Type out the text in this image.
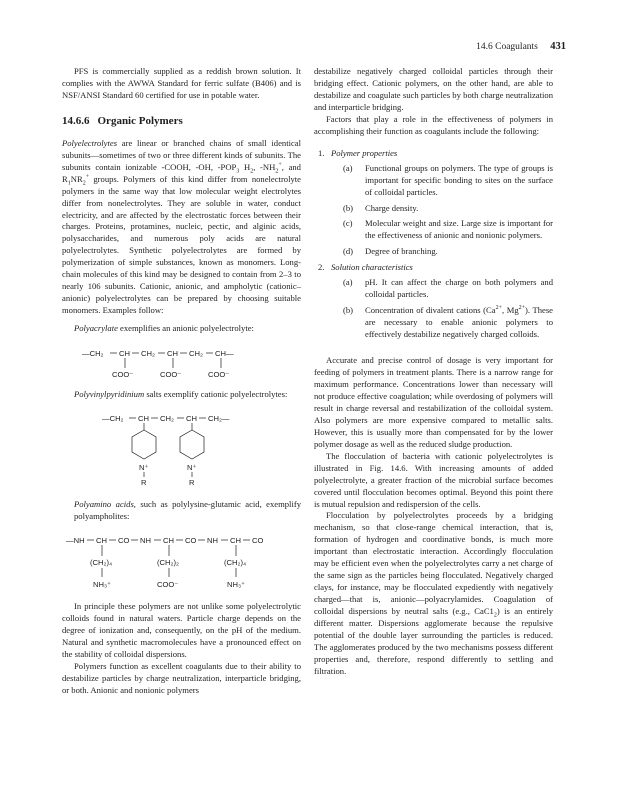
14.6 Coagulants 431

PFS is commercially supplied as a reddish brown solution. It complies with the AWWA Standard for ferric sulfate (B406) and is NSF/ANSI Standard 60 certified for use in potable water.

14.6.6 Organic Polymers

Polyelectrolytes are linear or branched chains of small identical subunits—sometimes of two or three different kinds of subunits. The subunits contain ionizable -COOH, -OH, $-POP_3$ $H_2$, $-NH_2^+$, and $R_1NR_2^+$ groups. Polymers of this kind differ from nonelectrolyte polymers in the same way that low molecular weight electrolytes differ from nonelectrolytes. They are soluble in water, conduct electricity, and are affected by the electrostatic forces between their charges. Proteins, protamines, nucleic, pectic, and alginic acids, polysaccharides, and numerous poly acids are natural polyelectrolytes. Synthetic polyelectrolytes are formed by polymerization of simple substances, known as monomers. Long-chain molecules of this kind may be designed to contain from 2–3 to nearly 106 subunits. Cationic, anionic, and ampholytic (cationic–anionic) polyelectrolytes can be prepared by choosing suitable monomers. Examples follow:

Polyacrylate exemplifies an anionic polyelectrolyte:

—CH₂ CH CH₂ CH CH₂ CH—
COO⁻	COO⁻	COO⁻

Polyvinylpyridinium salts exemplify cationic polyelectrolytes:

—CH₂ CH CH₂ CH CH₂—
N⁺	N⁺
R	R

Polyamino acids, such as polylysine-glutamic acid, exemplify polyampholites:

—NH CH CO NH CH CO NH CH CO
(CH₂)₄	(CH₂)₂	(CH₂)₄
NH₃⁺	COO⁻	NH₃⁺

In principle these polymers are not unlike some polyelectrolytic colloids found in natural waters. Particle charge depends on the degree of ionization and, consequently, on the pH of the medium. Natural and synthetic macromolecules have a pronounced effect on the stability of colloidal dispersions.

Polymers function as excellent coagulants due to their ability to destabilize particles by charge neutralization, interparticle bridging, or both. Anionic and nonionic polymers

destabilize negatively charged colloidal particles through their bridging effect. Cationic polymers, on the other hand, are able to destabilize and coagulate such particles by both charge neutralization and interparticle bridging.

Factors that play a role in the effectiveness of polymers in accomplishing their function as coagulants include the following:

1. Polymer properties
(a) Functional groups on polymers. The type of groups is important for specific bonding to sites on the surface of colloidal particles.
(b) Charge density.
(c) Molecular weight and size. Large size is important for the effectiveness of anionic and nonionic polymers.
(d) Degree of branching.
2. Solution characteristics
(a) pH. It can affect the charge on both polymers and colloidal particles.
(b) Concentration of divalent cations ($Ca^{2+}$, $Mg^{2+}$). These are necessary to enable anionic polymers to effectively destabilize negatively charged colloids.

Accurate and precise control of dosage is very important for feeding of polymers in treatment plants. There is a narrow range for maximum performance. Concentrations lower than necessary will not produce effective coagulation; while overdosing of polymers will result in charge reversal and restabilization of the colloidal system. Also polymers are more expensive compared to metallic salts. However, this is usually more than compensated for by the lower polymer dosage as well as the reduced sludge production.

The flocculation of bacteria with cationic polyelectrolytes is illustrated in Fig. 14.6. With increasing amounts of added polyelectrolyte, a greater fraction of the microbial surface becomes covered until flocculation becomes optimal. Beyond this point there is mutual repulsion and redispersion of the cells.

Flocculation by polyelectrolytes proceeds by a bridging mechanism, so that close-range chemical interaction, that is, formation of hydrogen and coordinative bonds, is much more important than electrostatic interaction. Accordingly flocculation may be efficient even when the polyelectrolytes carry a net charge of the same sign as the particles being flocculated. Negatively charged clays, for instance, may be flocculated expediently with negatively charged—that is, anionic—polyacrylamides. Coagulation of colloidal dispersions by neutral salts (e.g., $CaC1_2$) is an entirely different matter. Dispersions agglomerate because the repulsive potential of the double layer surrounding the particles is reduced. The agglomerates produced by the two mechanisms possess different properties and, therefore, respond differently to settling and filtration.
